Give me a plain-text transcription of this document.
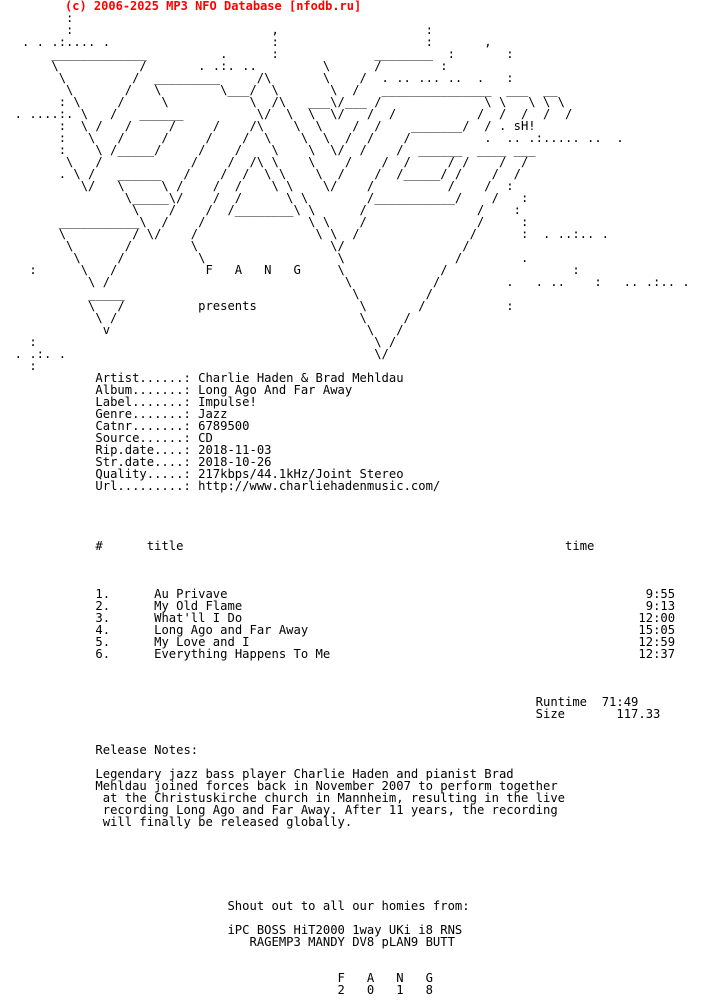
(c) 2006-2025 MP3 NFO Database [nfodb.ru]
:
:                           ,                    :
. . .:.... .                      :                    :       ,
_____________          .      :             ________  :       :
\           /       . .:. ..         \      /        :
\         /  _________     /\       \    /  . .. ... ..  .   :
\       /   \        \___/  \       \  /   _______________  ___  __
: \     /     \           \  /\   ___\/___ /              \ \   \ \ \
. ....:. \   /   ______          \/  \  \  \/   /  /           /  /  /  /  /
:  \ /   /     /     /    /\    \  \    /  /    _______/  / . sH!
:   \   /     /     /    /  \    \  \  /  /    /          .  .. .:..... ..  .
:    \ /_____/     /    /    \    \  \/  /    /  ______  ____ ___
\   /            /    /  /\ \    \    /    /  /     / /    /  /
. \ /   ______   /    /  /  \ \    \  /    /  /_____/ /    /  /
\/   \     \ /    /  /    \ \    \/    /          /    /  :
\_____\/    /  /      \ \        /___________/    /   :
\    /    /  /________\ \      /               /    :
___________\  /    /              \ \    /               /     :
\         / \/    /                \ \  /               /      :  . ..:.. .
\       /        \                  \/                /
\     /          \                  \               /        .
:      \   /            F   A   N   G     \             /                 :
\ /                                \           /         .   . ..    :   .. .:.. .
_____                               \         /
\   /          presents              \       /           :
\ /                                 \     /
v                                   \   /
:                                              \ /
. .:. .                                          \/
:
Artist......: Charlie Haden & Brad Mehldau
Album.......: Long Ago And Far Away
Label.......: Impulse!
Genre.......: Jazz
Catnr.......: 6789500
Source......: CD
Rip.date....: 2018-11-03
Str.date....: 2018-10-26
Quality.....: 217kbps/44.1kHz/Joint Stereo
Url.........: http://www.charliehadenmusic.com/
#	title	time
1.	Au Privave	9:55
2.	My Old Flame	9:13
3.	What'll I Do	12:00
4.	Long Ago and Far Away	15:05
5.	My Love and I	12:59
6.	Everything Happens To Me	12:37
Runtime 71:49
Size	117.33
Release Notes:
Legendary jazz bass player Charlie Haden and pianist Brad
Mehldau joined forces back in November 2007 to perform together
at the Christuskirche church in Mannheim, resulting in the live
recording Long Ago and Far Away. After 11 years, the recording
will finally be released globally.
Shout out to all our homies from:
iPC BOSS HiT2000 1way UKi i8 RNS
RAGEMP3 MANDY DV8 pLAN9 BUTT
F   A   N   G
2   0   1   8
